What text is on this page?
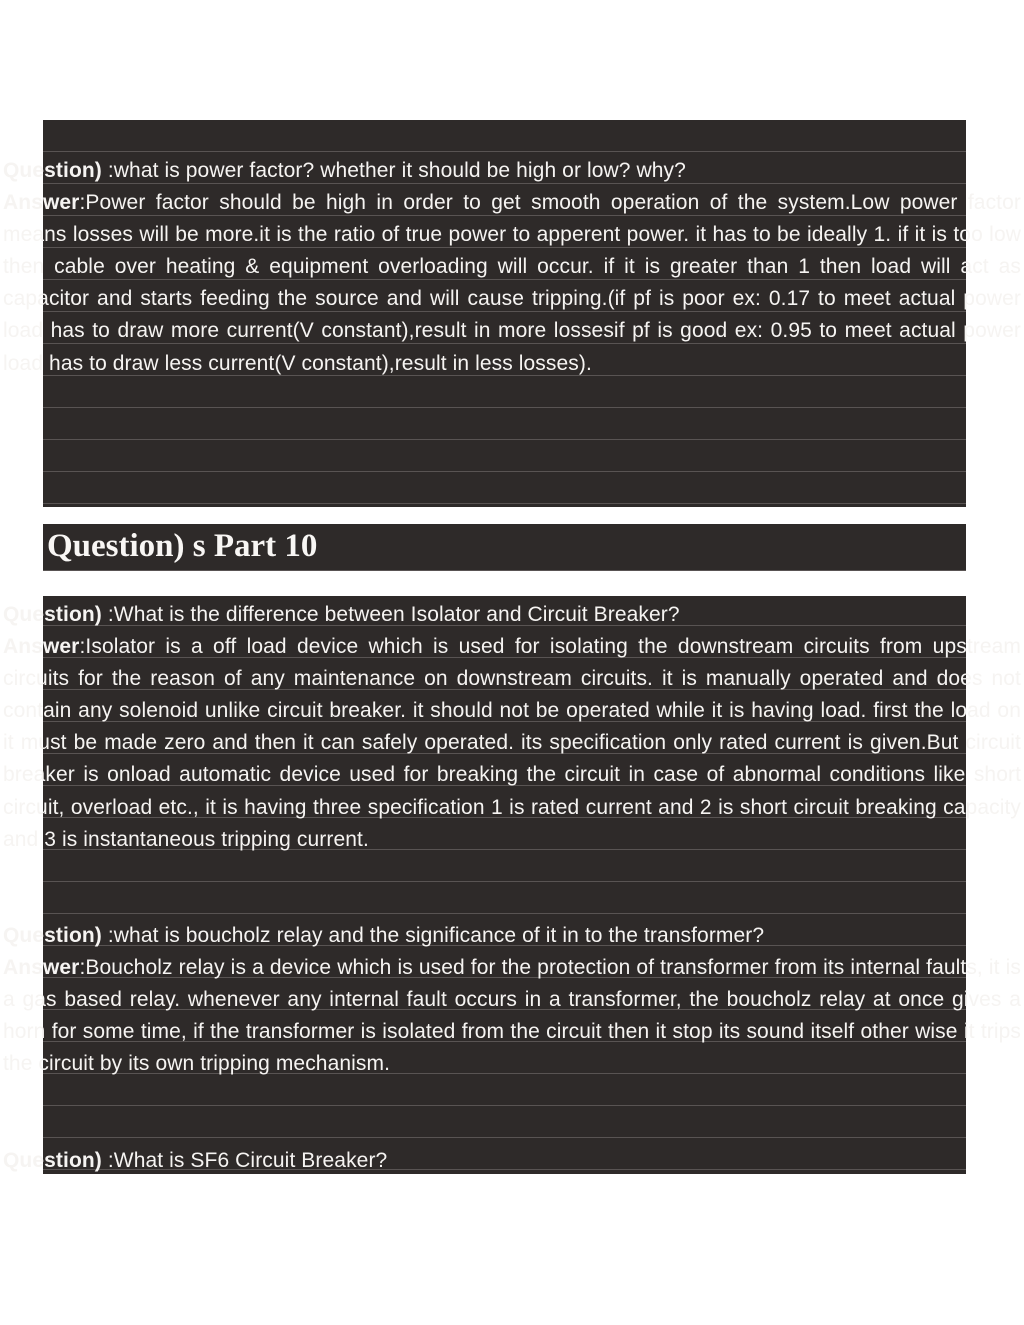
Question) :what is power factor? whether it should be high or low? why?

Answer:Power factor should be high in order to get smooth operation of the system.Low power factor means losses will be more.it is the ratio of true power to apperent power. it has to be ideally 1. if it is too low then cable over heating & equipment overloading will occur. if it is greater than 1 then load will act as capacitor and starts feeding the source and will cause tripping.(if pf is poor ex: 0.17 to meet actual power load has to draw more current(V constant),result in more lossesif pf is good ex: 0.95 to meet actual power load has to draw less current(V constant),result in less losses).

Question) s Part 10

Question) :What is the difference between Isolator and Circuit Breaker?

Answer:Isolator is a off load device which is used for isolating the downstream circuits from upstream circuits for the reason of any maintenance on downstream circuits. it is manually operated and does not contain any solenoid unlike circuit breaker. it should not be operated while it is having load. first the load on it must be made zero and then it can safely operated. its specification only rated current is given.But circuit breaker is onload automatic device used for breaking the circuit in case of abnormal conditions like short circuit, overload etc., it is having three specification 1 is rated current and 2 is short circuit breaking capacity and 3 is instantaneous tripping current.

Question) :what is boucholz relay and the significance of it in to the transformer?

Answer:Boucholz relay is a device which is used for the protection of transformer from its internal faults, it is a gas based relay. whenever any internal fault occurs in a transformer, the boucholz relay at once gives a horn for some time, if the transformer is isolated from the circuit then it stop its sound itself other wise it trips the circuit by its own tripping mechanism.

Question) :What is SF6 Circuit Breaker?
